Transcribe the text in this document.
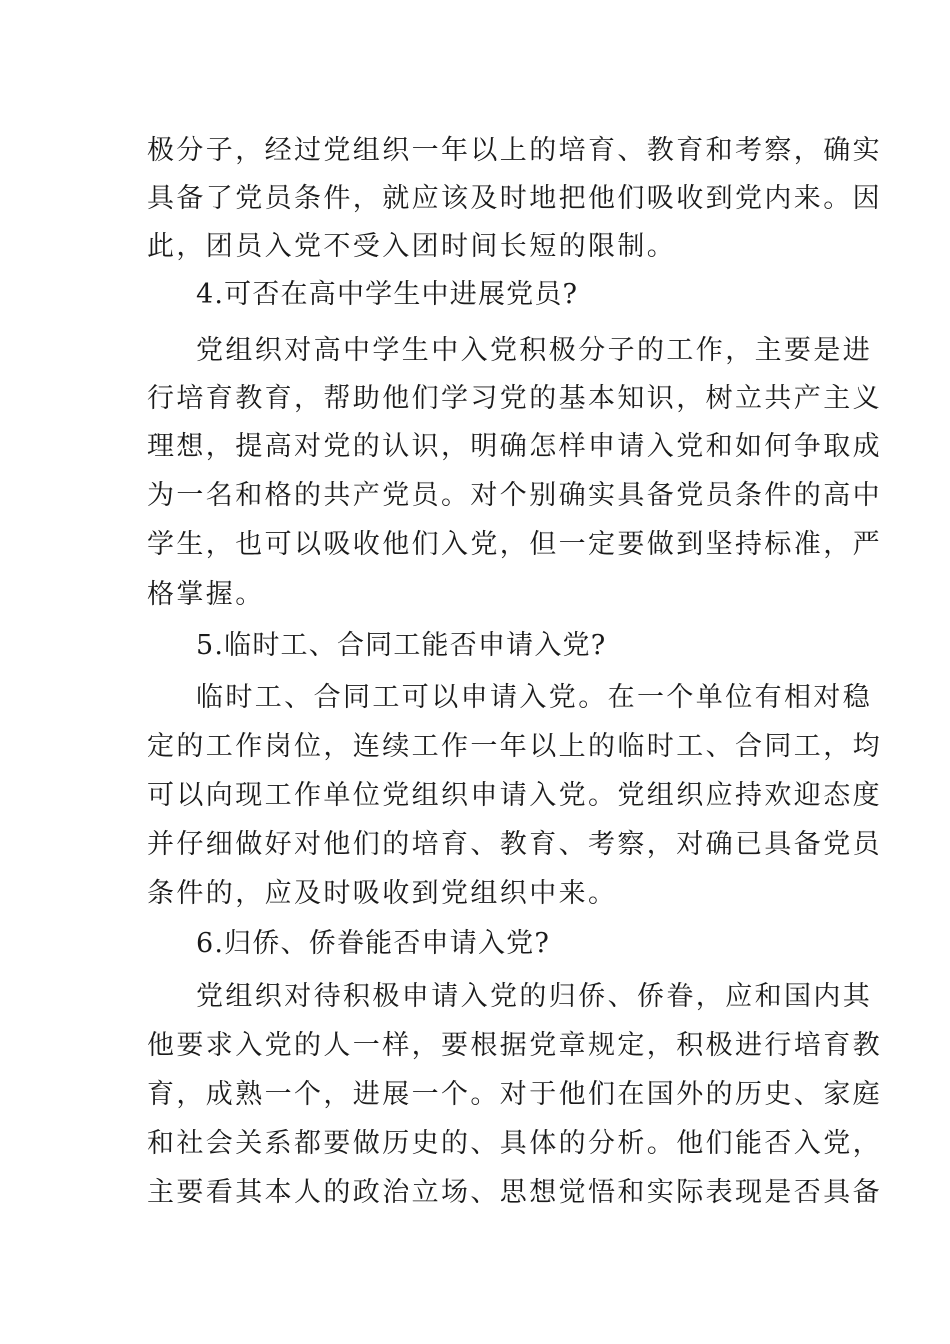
极分子，经过党组织一年以上的培育、教育和考察，确实
具备了党员条件，就应该及时地把他们吸收到党内来。因
此，团员入党不受入团时间长短的限制。
4.可否在高中学生中进展党员?
党组织对高中学生中入党积极分子的工作，主要是进
行培育教育，帮助他们学习党的基本知识，树立共产主义
理想，提高对党的认识，明确怎样申请入党和如何争取成
为一名和格的共产党员。对个别确实具备党员条件的高中
学生，也可以吸收他们入党，但一定要做到坚持标准，严
格掌握。
5.临时工、合同工能否申请入党?
临时工、合同工可以申请入党。在一个单位有相对稳
定的工作岗位，连续工作一年以上的临时工、合同工，均
可以向现工作单位党组织申请入党。党组织应持欢迎态度
并仔细做好对他们的培育、教育、考察，对确已具备党员
条件的，应及时吸收到党组织中来。
6.归侨、侨眷能否申请入党?
党组织对待积极申请入党的归侨、侨眷，应和国内其
他要求入党的人一样，要根据党章规定，积极进行培育教
育，成熟一个，进展一个。对于他们在国外的历史、家庭
和社会关系都要做历史的、具体的分析。他们能否入党，
主要看其本人的政治立场、思想觉悟和实际表现是否具备
